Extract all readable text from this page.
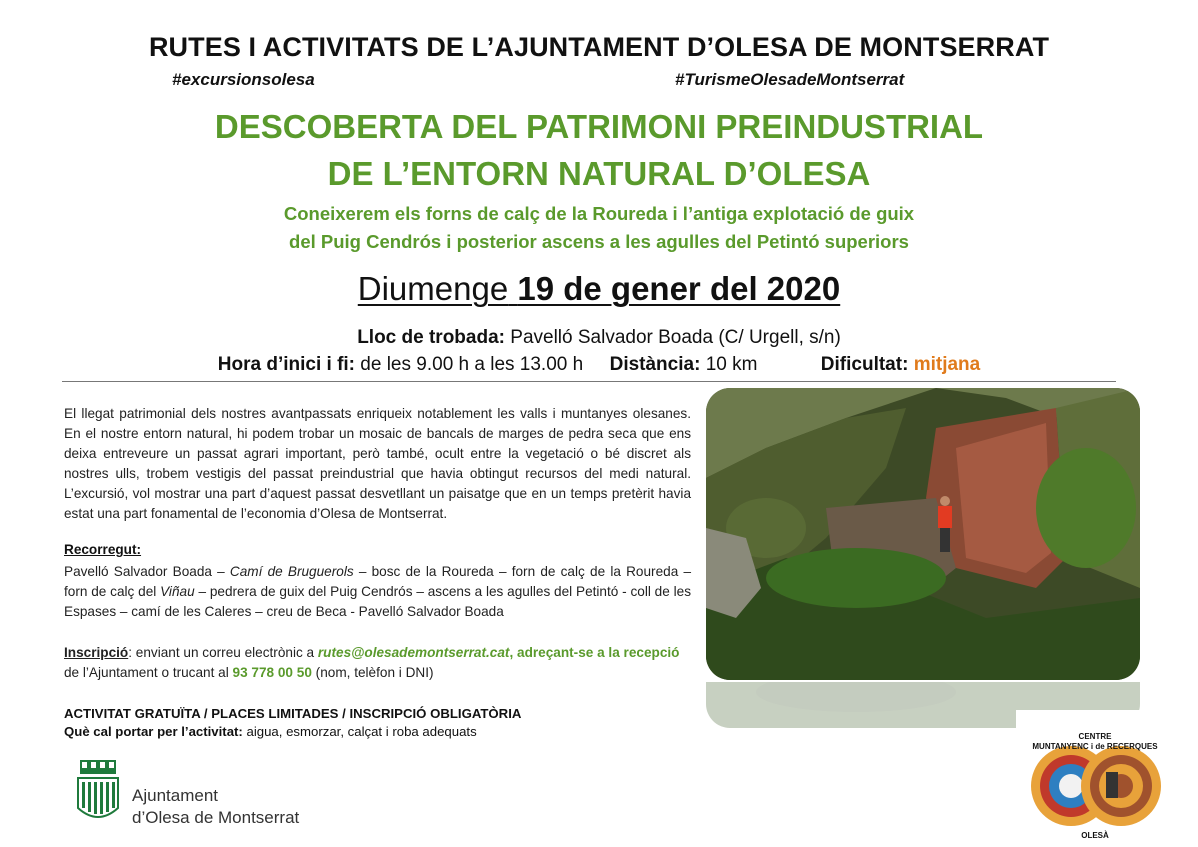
RUTES I ACTIVITATS DE L’AJUNTAMENT D’OLESA DE MONTSERRAT
#excursionsolesa	#TurismeOlesadeMontserrat
DESCOBERTA DEL PATRIMONI PREINDUSTRIAL
DE L’ENTORN NATURAL D’OLESA
Coneixerem els forns de calç de la Roureda i l’antiga explotació de guix
del Puig Cendrós i posterior ascens a les agulles del Petintó superiors
Diumenge 19 de gener del 2020
Lloc de trobada: Pavelló Salvador Boada (C/ Urgell, s/n)
Hora d’inici i fi: de les 9.00 h a les 13.00 h Distància: 10 km	Dificultat: mitjana
El llegat patrimonial dels nostres avantpassats enriqueix notablement les valls i muntanyes olesanes. En el nostre entorn natural, hi podem trobar un mosaic de bancals de marges de pedra seca que ens deixa entreveure un passat agrari important, però també, ocult entre la vegetació o bé discret als nostres ulls, trobem vestigis del passat preindustrial que havia obtingut recursos del medi natural. L’excursió, vol mostrar una part d’aquest passat desvetllant un paisatge que en un temps pretèrit havia estat una part fonamental de l’economia d’Olesa de Montserrat.
Recorregut:
Pavelló Salvador Boada – Camí de Bruguerols – bosc de la Roureda – forn de calç de la Roureda – forn de calç del Viñau – pedrera de guix del Puig Cendrós – ascens a les agulles del Petintó - coll de les Espases – camí de les Caleres – creu de Beca - Pavelló Salvador Boada
Inscripció: enviant un correu electrònic a rutes@olesademontserrat.cat, adreçant-se a la recepció de l’Ajuntament o trucant al 93 778 00 50 (nom, telèfon i DNI)
ACTIVITAT GRATUÏTA / PLACES LIMITADES / INSCRIPCIÓ OBLIGATÒRIA
Què cal portar per l’activitat: aigua, esmorzar, calçat i roba adequats
Ajuntament
d’Olesa de Montserrat
CENTRE
MUNTANYENC i de RECERQUES
OLESÀ
